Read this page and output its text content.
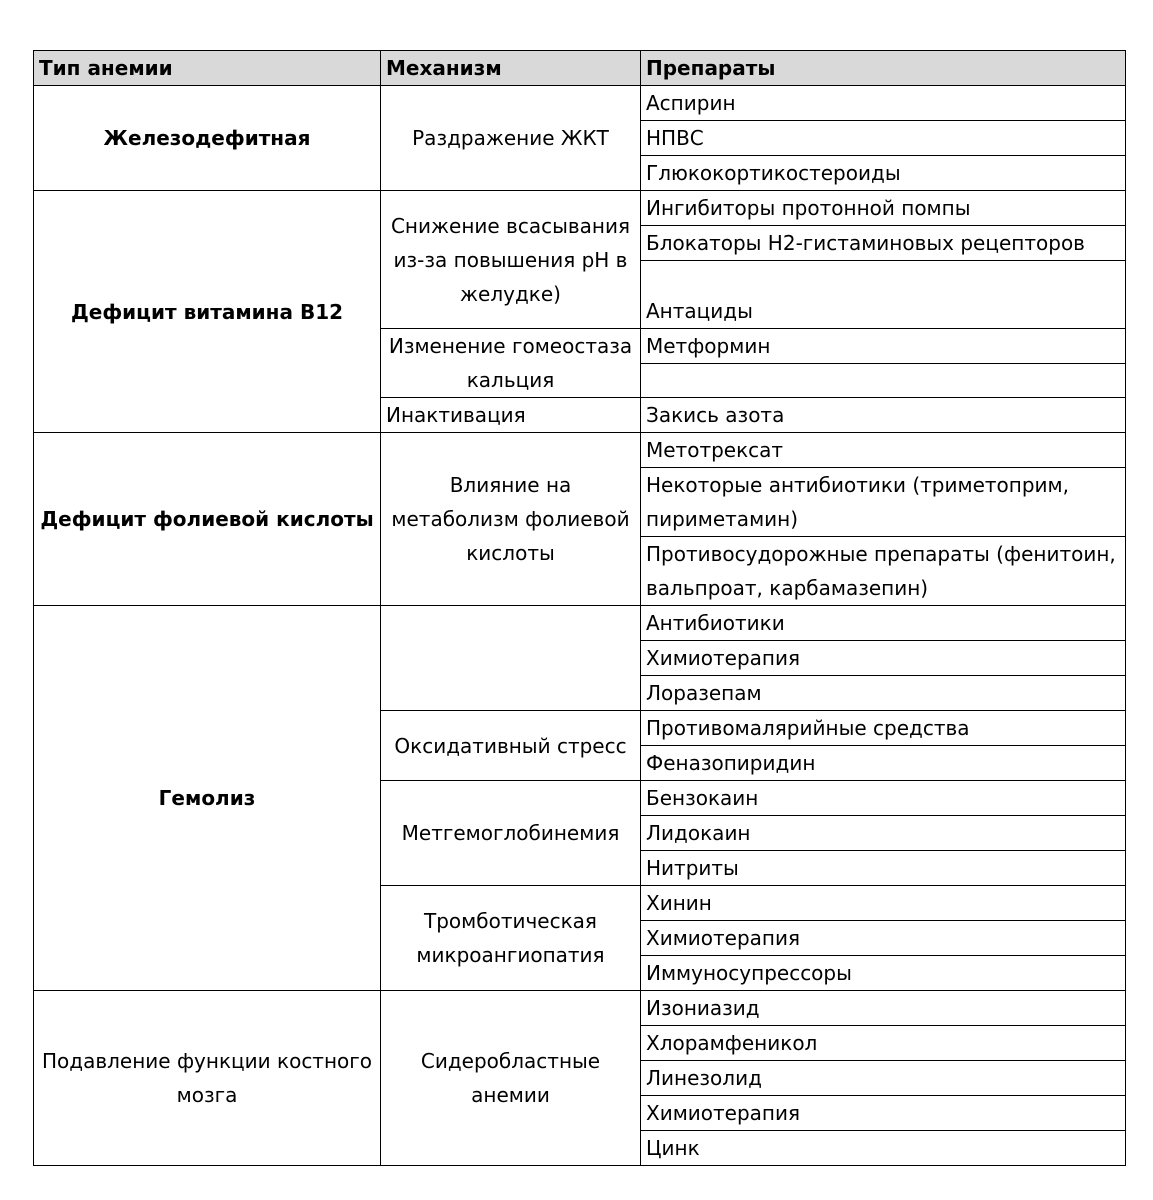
Тип анемии	Механизм	Препараты
Железодефитная	Раздражение ЖКТ	Аспирин
		НПВС
		Глюкокортикостероиды
Дефицит витамина В12	Снижение всасывания из-за повышения pH в желудке)	Ингибиторы протонной помпы
		Блокаторы Н2-гистаминовых рецепторов
		Антациды
	Изменение гомеостаза кальция	Метформин

	Инактивация	Закись азота
Дефицит фолиевой кислоты	Влияние на метаболизм фолиевой кислоты	Метотрексат
		Некоторые антибиотики (триметоприм, пириметамин)
		Противосудорожные препараты (фенитоин, вальпроат, карбамазепин)
Гемолиз		Антибиотики
		Химиотерапия
		Лоразепам
	Оксидативный стресс	Противомалярийные средства
		Феназопиридин
	Метгемоглобинемия	Бензокаин
		Лидокаин
		Нитриты
	Тромботическая микроангиопатия	Хинин
		Химиотерапия
		Иммуносупрессоры
Подавление функции костного мозга	Сидеробластные анемии	Изониазид
		Хлорамфеникол
		Линезолид
		Химиотерапия
		Цинк
